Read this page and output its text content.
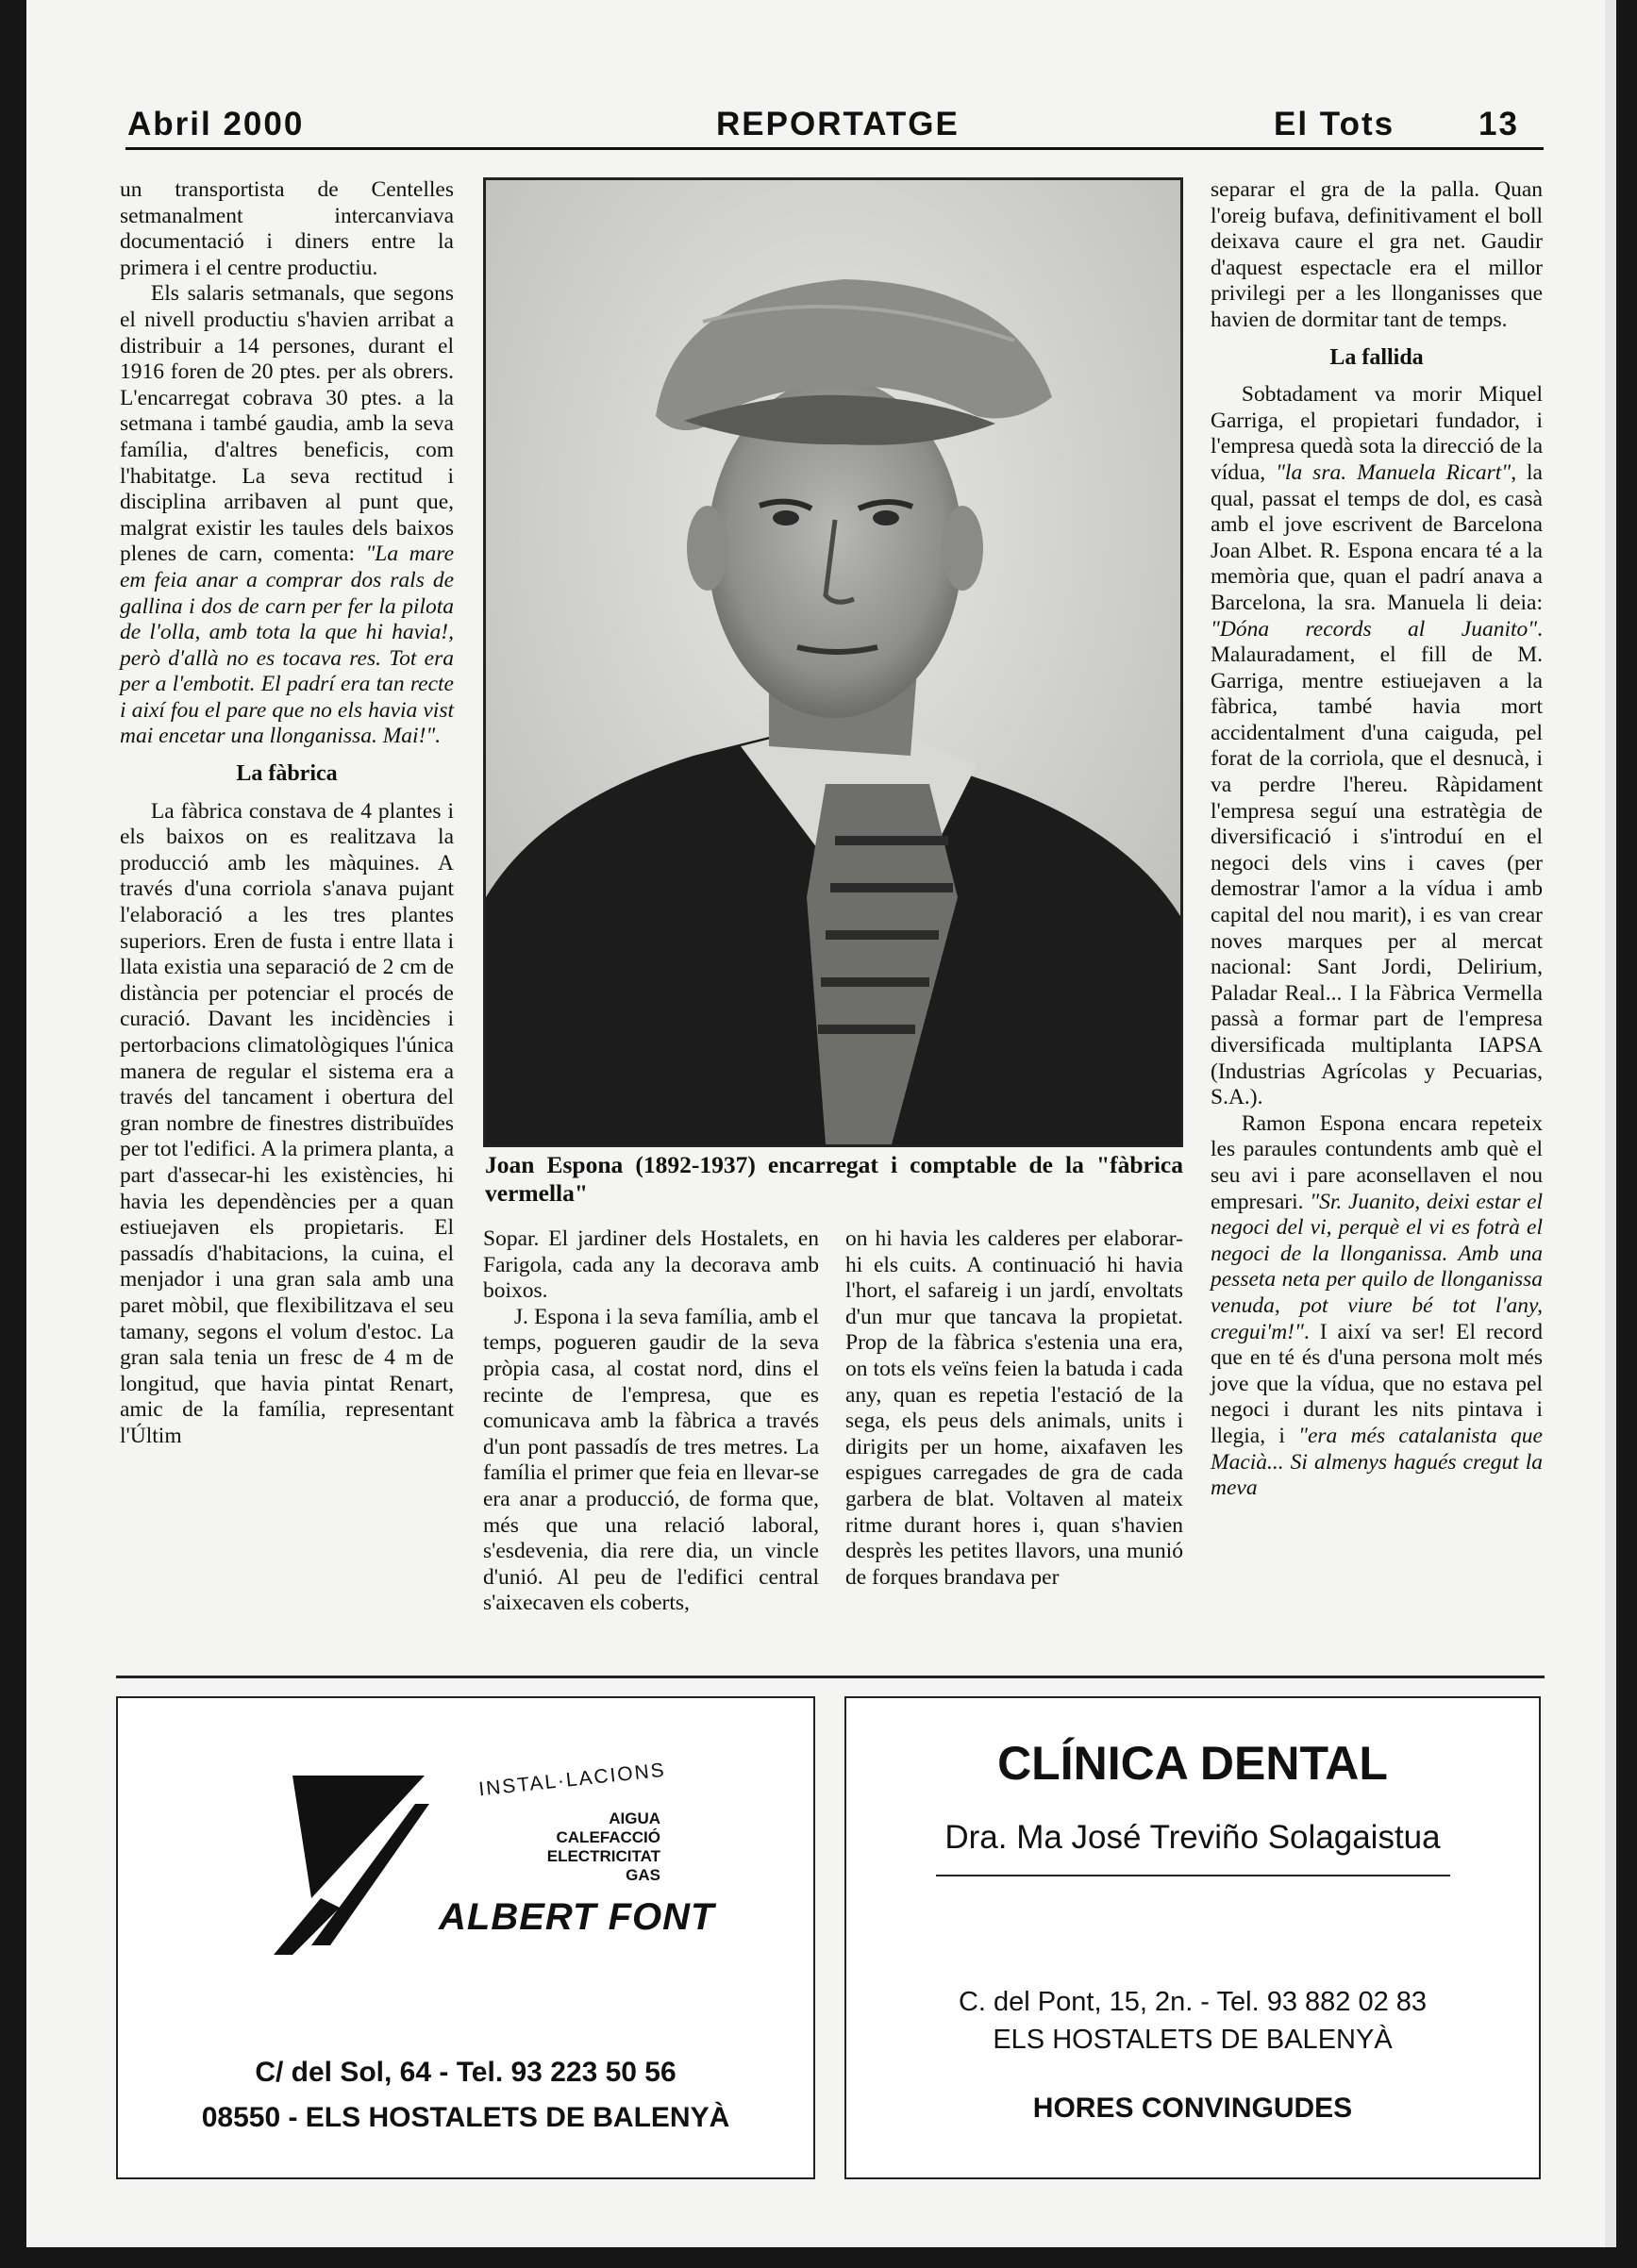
Abril 2000	REPORTATGE	El Tots	13

un transportista de Centelles setmanalment intercanviava documentació i diners entre la primera i el centre productiu.

Els salaris setmanals, que segons el nivell productiu s'havien arribat a distribuir a 14 persones, durant el 1916 foren de 20 ptes. per als obrers. L'encarregat cobrava 30 ptes. a la setmana i també gaudia, amb la seva família, d'altres beneficis, com l'habitatge. La seva rectitud i disciplina arribaven al punt que, malgrat existir les taules dels baixos plenes de carn, comenta: "La mare em feia anar a comprar dos rals de gallina i dos de carn per fer la pilota de l'olla, amb tota la que hi havia!, però d'allà no es tocava res. Tot era per a l'embotit. El padrí era tan recte i així fou el pare que no els havia vist mai encetar una llonganissa. Mai!".

La fàbrica

La fàbrica constava de 4 plantes i els baixos on es realitzava la producció amb les màquines. A través d'una corriola s'anava pujant l'elaboració a les tres plantes superiors. Eren de fusta i entre llata i llata existia una separació de 2 cm de distància per potenciar el procés de curació. Davant les incidències i pertorbacions climatològiques l'única manera de regular el sistema era a través del tancament i obertura del gran nombre de finestres distribuïdes per tot l'edifici. A la primera planta, a part d'assecar-hi les existències, hi havia les dependències per a quan estiuejaven els propietaris. El passadís d'habitacions, la cuina, el menjador i una gran sala amb una paret mòbil, que flexibilitzava el seu tamany, segons el volum d'estoc. La gran sala tenia un fresc de 4 m de longitud, que havia pintat Renart, amic de la família, representant l'Últim

Joan Espona (1892-1937) encarregat i comptable de la "fàbrica vermella"

Sopar. El jardiner dels Hostalets, en Farigola, cada any la decorava amb boixos.

J. Espona i la seva família, amb el temps, pogueren gaudir de la seva pròpia casa, al costat nord, dins el recinte de l'empresa, que es comunicava amb la fàbrica a través d'un pont passadís de tres metres. La família el primer que feia en llevar-se era anar a producció, de forma que, més que una relació laboral, s'esdevenia, dia rere dia, un vincle d'unió. Al peu de l'edifici central s'aixecaven els coberts,

on hi havia les calderes per elaborar-hi els cuits. A continuació hi havia l'hort, el safareig i un jardí, envoltats d'un mur que tancava la propietat. Prop de la fàbrica s'estenia una era, on tots els veïns feien la batuda i cada any, quan es repetia l'estació de la sega, els peus dels animals, units i dirigits per un home, aixafaven les espigues carregades de gra de cada garbera de blat. Voltaven al mateix ritme durant hores i, quan s'havien desprès les petites llavors, una munió de forques brandava per

separar el gra de la palla. Quan l'oreig bufava, definitivament el boll deixava caure el gra net. Gaudir d'aquest espectacle era el millor privilegi per a les llonganisses que havien de dormitar tant de temps.

La fallida

Sobtadament va morir Miquel Garriga, el propietari fundador, i l'empresa quedà sota la direcció de la vídua, "la sra. Manuela Ricart", la qual, passat el temps de dol, es casà amb el jove escrivent de Barcelona Joan Albet. R. Espona encara té a la memòria que, quan el padrí anava a Barcelona, la sra. Manuela li deia: "Dóna records al Juanito". Malauradament, el fill de M. Garriga, mentre estiuejaven a la fàbrica, també havia mort accidentalment d'una caiguda, pel forat de la corriola, que el desnucà, i va perdre l'hereu. Ràpidament l'empresa seguí una estratègia de diversificació i s'introduí en el negoci dels vins i caves (per demostrar l'amor a la vídua i amb capital del nou marit), i es van crear noves marques per al mercat nacional: Sant Jordi, Delirium, Paladar Real... I la Fàbrica Vermella passà a formar part de l'empresa diversificada multiplanta IAPSA (Industrias Agrícolas y Pecuarias, S.A.).

Ramon Espona encara repeteix les paraules contundents amb què el seu avi i pare aconsellaven el nou empresari. "Sr. Juanito, deixi estar el negoci del vi, perquè el vi es fotrà el negoci de la llonganissa. Amb una pesseta neta per quilo de llonganissa venuda, pot viure bé tot l'any, cregui'm!". I així va ser! El record que en té és d'una persona molt més jove que la vídua, que no estava pel negoci i durant les nits pintava i llegia, i "era més catalanista que Macià... Si almenys hagués cregut la meva

INSTAL·LACIONS
AIGUA
CALEFACCIÓ
ELECTRICITAT
GAS
ALBERT FONT
C/ del Sol, 64 - Tel. 93 223 50 56
08550 - ELS HOSTALETS DE BALENYÀ
CLÍNICA DENTAL
Dra. Ma José Treviño Solagaistua
C. del Pont, 15, 2n. - Tel. 93 882 02 83
ELS HOSTALETS DE BALENYÀ
HORES CONVINGUDES
